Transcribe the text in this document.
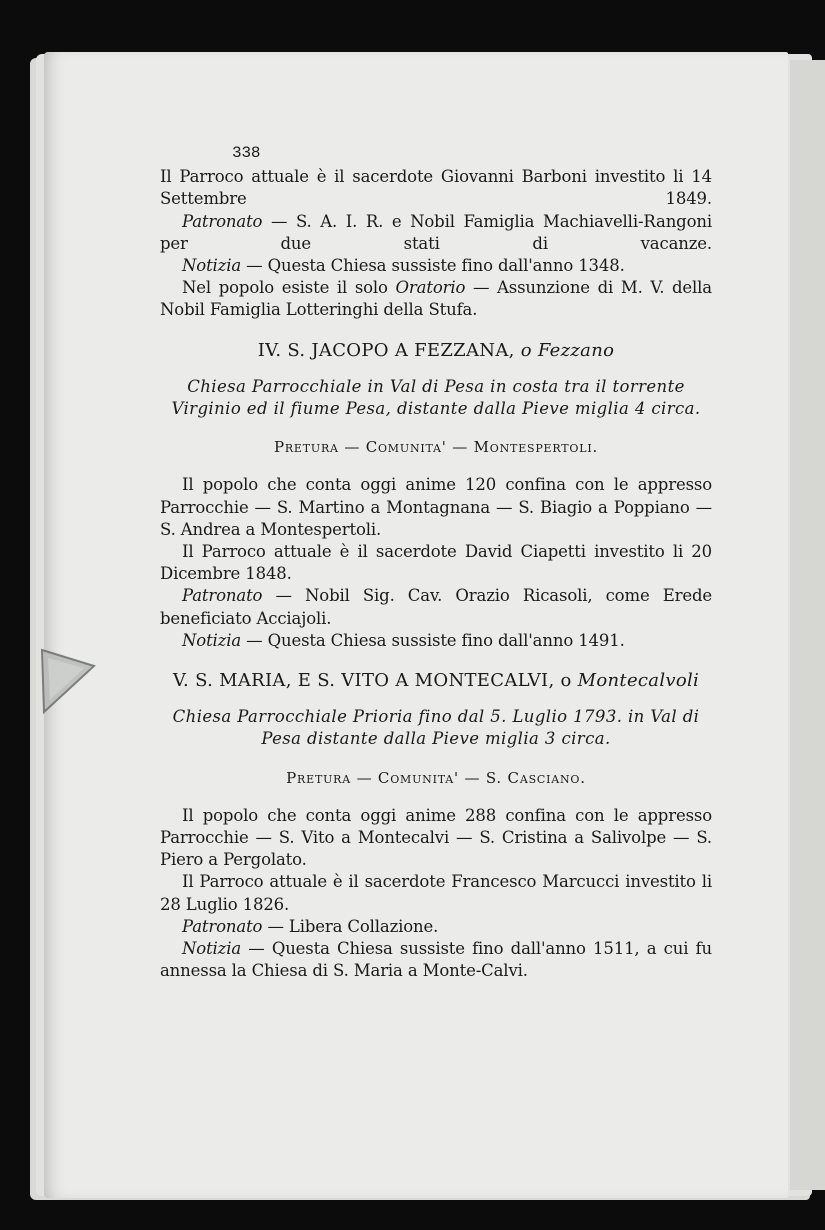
338

Il Parroco attuale è il sacerdote Giovanni Barboni investito li 14 Settembre 1849.

Patronato — S. A. I. R. e Nobil Famiglia Machiavelli-Rangoni per due stati di vacanze.

Notizia — Questa Chiesa sussiste fino dall'anno 1348.

Nel popolo esiste il solo Oratorio — Assunzione di M. V. della Nobil Famiglia Lotteringhi della Stufa.

IV. S. JACOPO A FEZZANA, o Fezzano

Chiesa Parrocchiale in Val di Pesa in costa tra il torrente Virginio ed il fiume Pesa, distante dalla Pieve miglia 4 circa.

Pretura — Comunita' — Montespertoli.

Il popolo che conta oggi anime 120 confina con le appresso Parrocchie — S. Martino a Montagnana — S. Biagio a Poppiano — S. Andrea a Montespertoli.

Il Parroco attuale è il sacerdote David Ciapetti investito li 20 Dicembre 1848.

Patronato — Nobil Sig. Cav. Orazio Ricasoli, come Erede beneficiato Acciajoli.

Notizia — Questa Chiesa sussiste fino dall'anno 1491.

V. S. MARIA, E S. VITO A MONTECALVI, o Montecalvoli

Chiesa Parrocchiale Prioria fino dal 5. Luglio 1793. in Val di Pesa distante dalla Pieve miglia 3 circa.

Pretura — Comunita' — S. Casciano.

Il popolo che conta oggi anime 288 confina con le appresso Parrocchie — S. Vito a Montecalvi — S. Cristina a Salivolpe — S. Piero a Pergolato.

Il Parroco attuale è il sacerdote Francesco Marcucci investito li 28 Luglio 1826.

Patronato — Libera Collazione.

Notizia — Questa Chiesa sussiste fino dall'anno 1511, a cui fu annessa la Chiesa di S. Maria a Monte-Calvi.
